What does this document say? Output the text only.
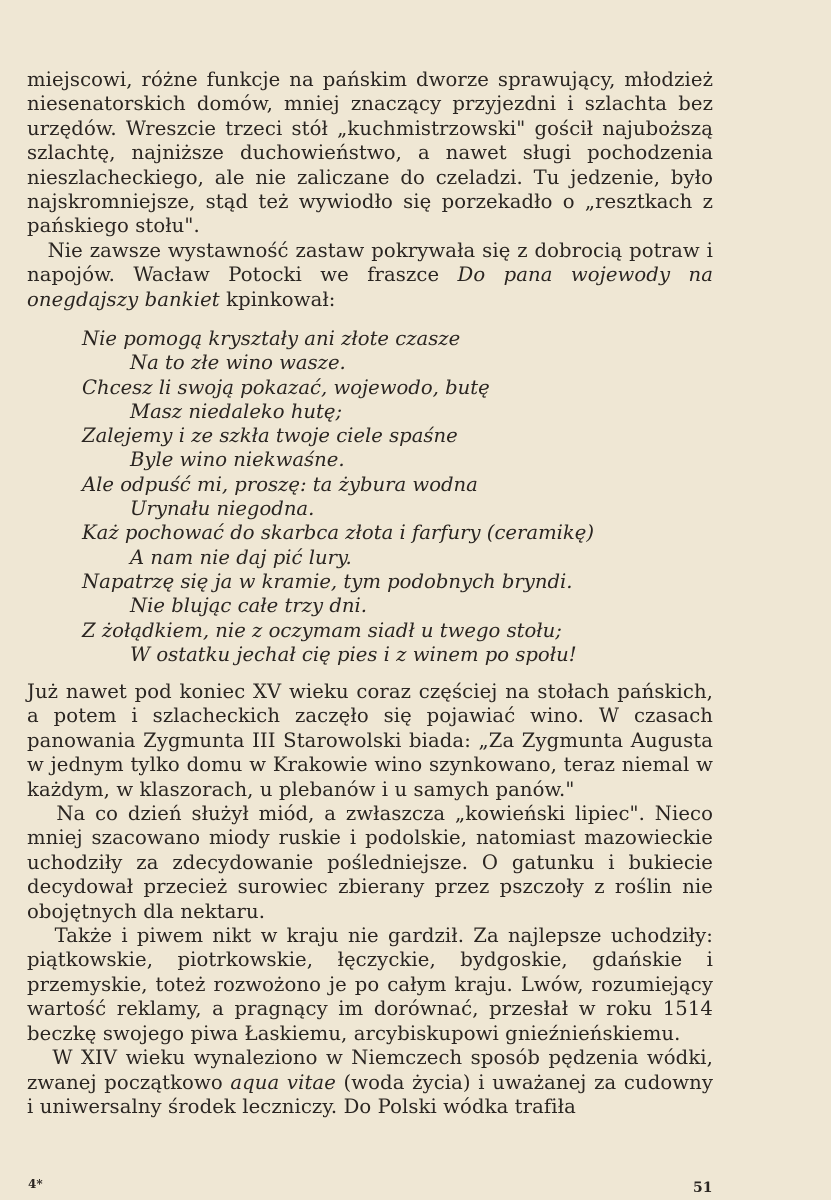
miejscowi, różne funkcje na pańskim dworze sprawujący, młodzież niesenatorskich domów, mniej znaczący przyjezdni i szlachta bez urzędów. Wreszcie trzeci stół „kuchmistrzowski" gościł najuboższą szlachtę, najniższe duchowieństwo, a nawet sługi pochodzenia nieszlacheckiego, ale nie zaliczane do czeladzi. Tu jedzenie, było najskromniejsze, stąd też wywiodło się porzekadło o „resztkach z pańskiego stołu".

Nie zawsze wystawność zastaw pokrywała się z dobrocią potraw i napojów. Wacław Potocki we fraszce Do pana wojewody na onegdajszy bankiet kpinkował:

Nie pomogą kryształy ani złote czasze
Na to złe wino wasze.
Chcesz li swoją pokazać, wojewodo, butę
Masz niedaleko hutę;
Zalejemy i ze szkła twoje ciele spaśne
Byle wino niekwaśne.
Ale odpuść mi, proszę: ta żybura wodna
Urynału niegodna.
Każ pochować do skarbca złota i farfury (ceramikę)
A nam nie daj pić lury.
Napatrzę się ja w kramie, tym podobnych bryndi.
Nie blując całe trzy dni.
Z żołądkiem, nie z oczymam siadł u twego stołu;
W ostatku jechał cię pies i z winem po społu!

Już nawet pod koniec XV wieku coraz częściej na stołach pańskich, a potem i szlacheckich zaczęło się pojawiać wino. W czasach panowania Zygmunta III Starowolski biada: „Za Zygmunta Augusta w jednym tylko domu w Krakowie wino szynkowano, teraz niemal w każdym, w klaszorach, u plebanów i u samych panów."

Na co dzień służył miód, a zwłaszcza „kowieński lipiec". Nieco mniej szacowano miody ruskie i podolskie, natomiast mazowieckie uchodziły za zdecydowanie pośledniejsze. O gatunku i bukiecie decydował przecież surowiec zbierany przez pszczoły z roślin nie obojętnych dla nektaru.

Także i piwem nikt w kraju nie gardził. Za najlepsze uchodziły: piątkowskie, piotrkowskie, łęczyckie, bydgoskie, gdańskie i przemyskie, toteż rozwożono je po całym kraju. Lwów, rozumiejący wartość reklamy, a pragnący im dorównać, przesłał w roku 1514 beczkę swojego piwa Łaskiemu, arcybiskupowi gnieźnieńskiemu.

W XIV wieku wynaleziono w Niemczech sposób pędzenia wódki, zwanej początkowo aqua vitae (woda życia) i uważanej za cudowny i uniwersalny środek leczniczy. Do Polski wódka trafiła

4*	51
